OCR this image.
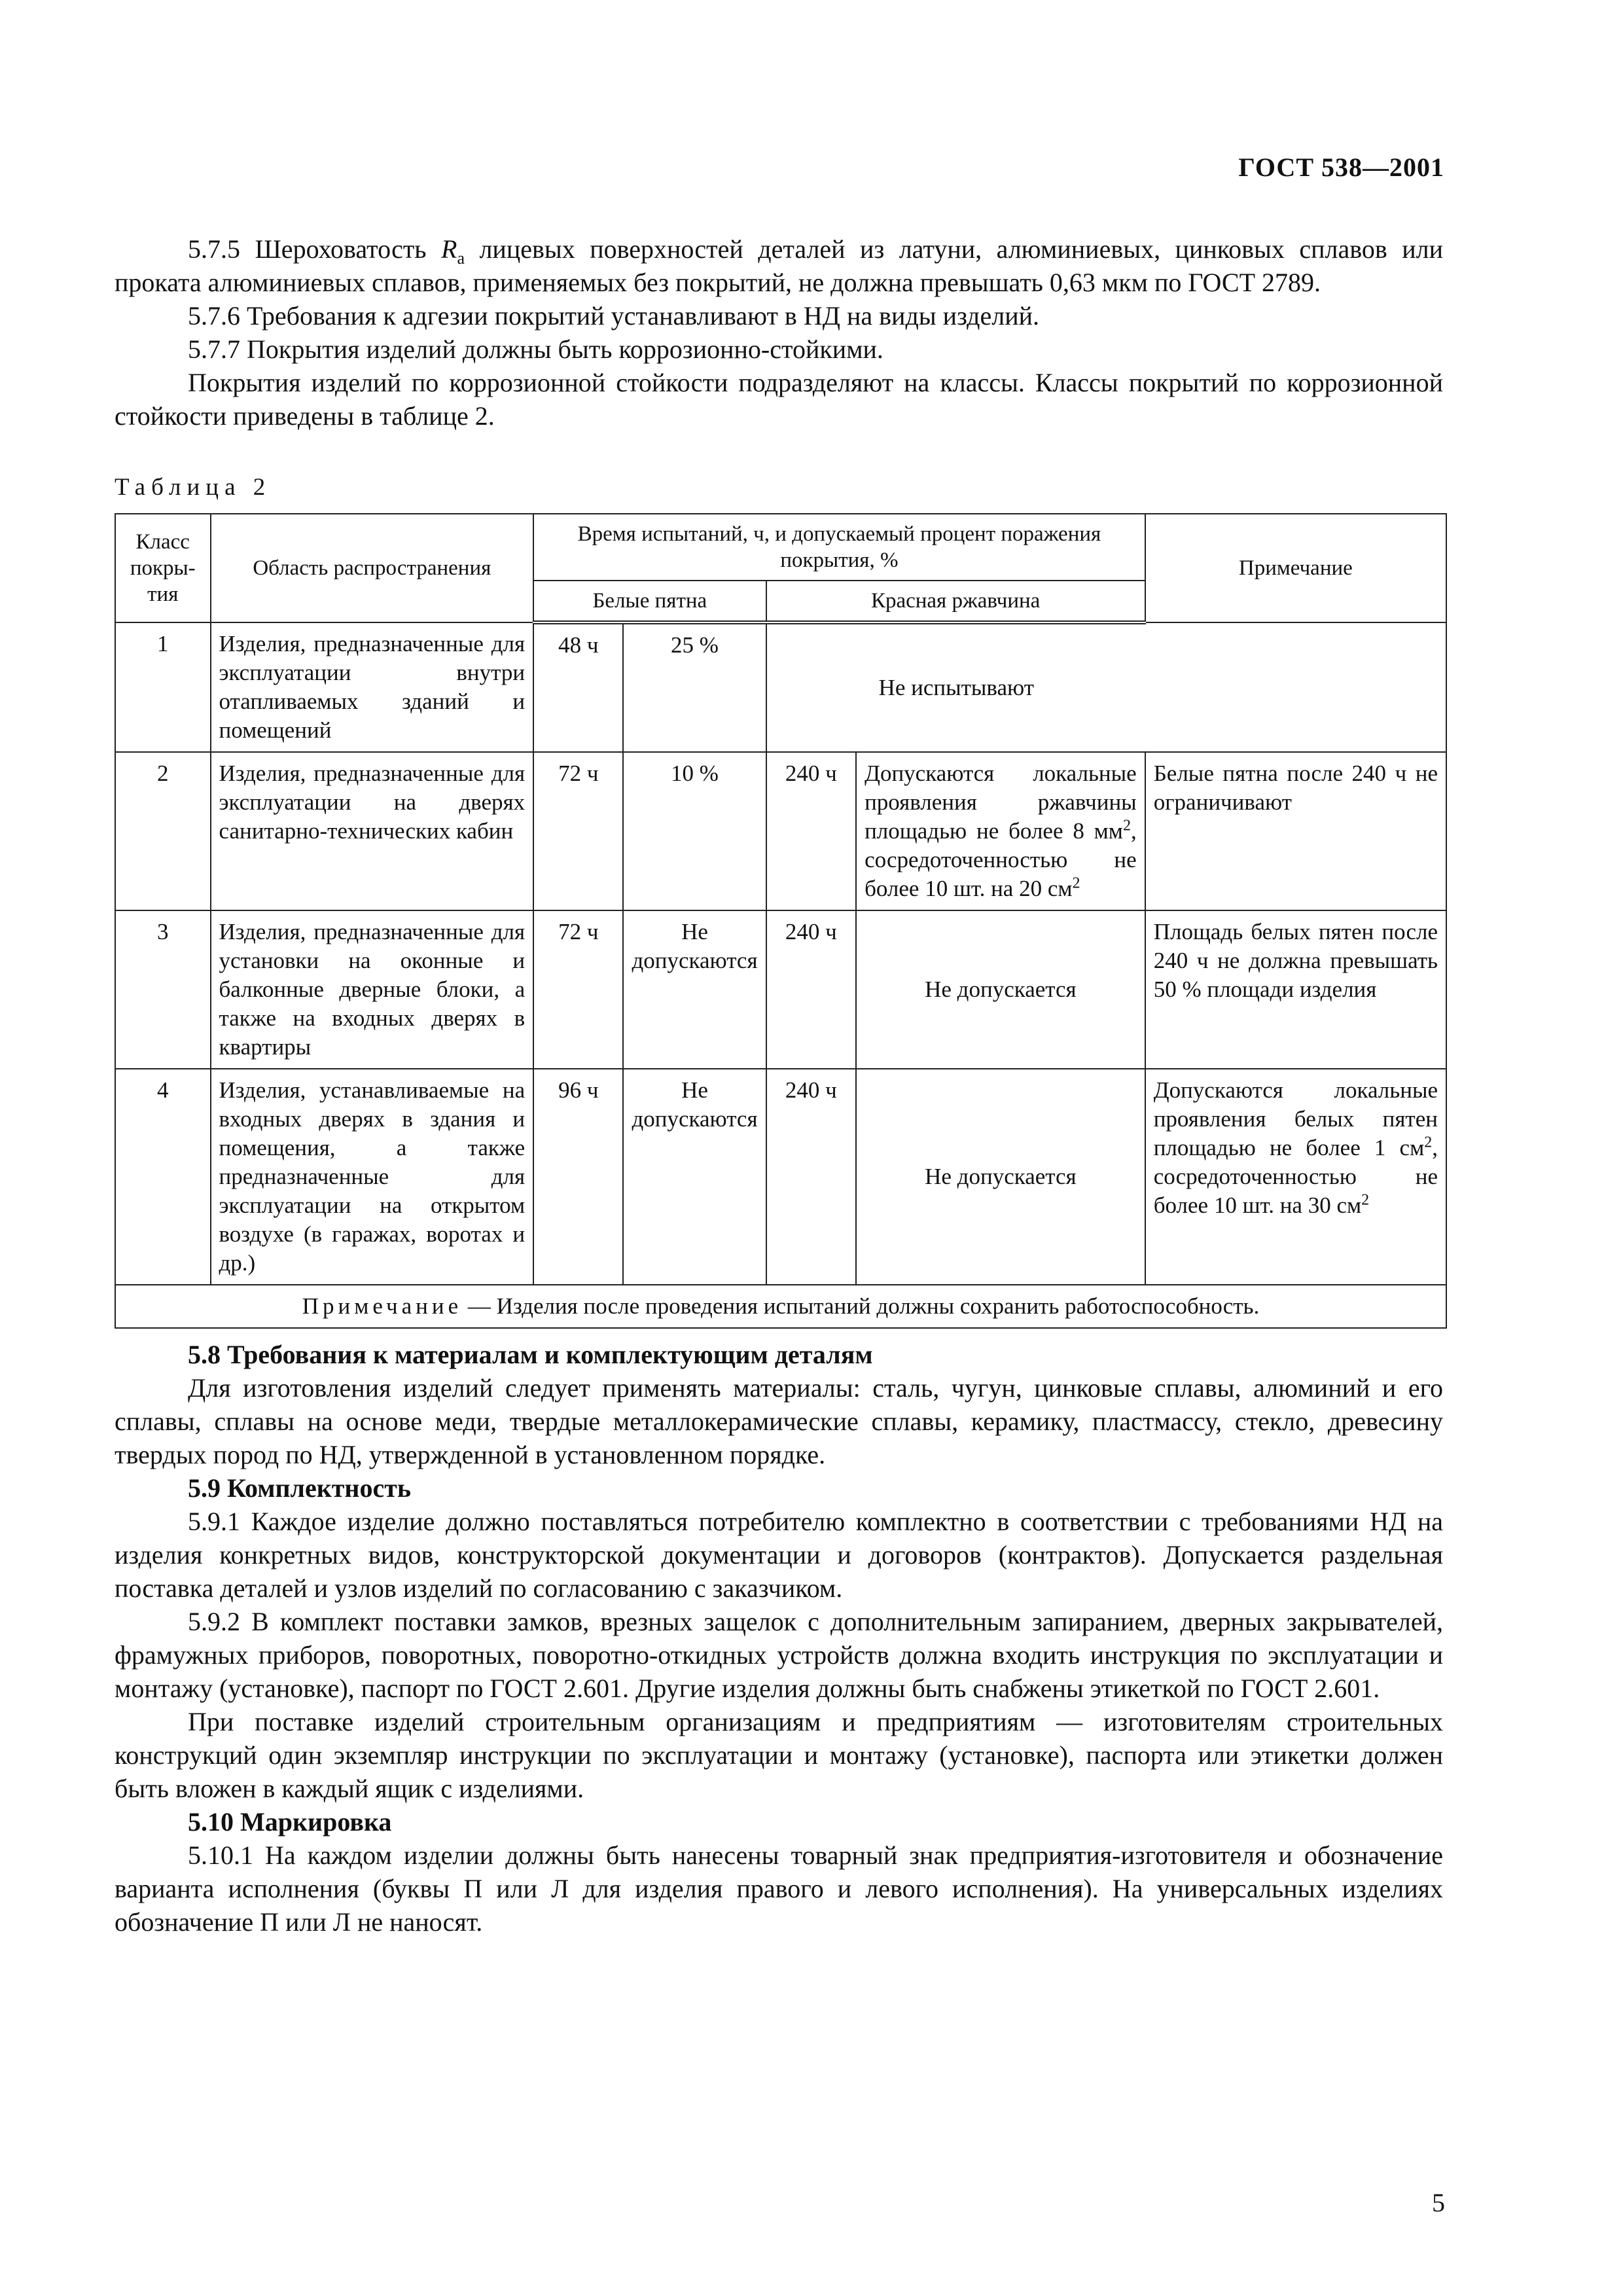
ГОСТ 538—2001

5.7.5 Шероховатость $R_a$ лицевых поверхностей деталей из латуни, алюминиевых, цинковых сплавов или проката алюминиевых сплавов, применяемых без покрытий, не должна превышать 0,63 мкм по ГОСТ 2789.

5.7.6 Требования к адгезии покрытий устанавливают в НД на виды изделий.

5.7.7 Покрытия изделий должны быть коррозионно-стойкими.

Покрытия изделий по коррозионной стойкости подразделяют на классы. Классы покрытий по коррозионной стойкости приведены в таблице 2.

Таблица 2
Класс покры-тия	Область распространения	Время испытаний, ч, и допускаемый процент поражения покрытия, %				Примечание
		Белые пятна		Красная ржавчина		
1	Изделия, предназначенные для эксплуатации внутри отапливаемых зданий и помещений	48 ч	25 %	Не испытывают		
2	Изделия, предназначенные для эксплуатации на дверях санитарно-технических кабин	72 ч	10 %	240 ч	Допускаются локальные проявления ржавчины площадью не более 8 $мм^2$, сосредоточенностью не более 10 шт. на 20 $см^2$	Белые пятна после 240 ч не ограничивают
3	Изделия, предназначенные для установки на оконные и балконные дверные блоки, а также на входных дверях в квартиры	72 ч	Не допускаются	240 ч	Не допускается	Площадь белых пятен после 240 ч не должна превышать 50 % площади изделия
4	Изделия, устанавливаемые на входных дверях в здания и помещения, а также предназначенные для эксплуатации на открытом воздухе (в гаражах, воротах и др.)	96 ч	Не допускаются	240 ч	Не допускается	Допускаются локальные проявления белых пятен площадью не более 1 $см^2$, сосредоточенностью не более 10 шт. на 30 $см^2$
Примечание — Изделия после проведения испытаний должны сохранить работоспособность.						
5.8 Требования к материалам и комплектующим деталям

Для изготовления изделий следует применять материалы: сталь, чугун, цинковые сплавы, алюминий и его сплавы, сплавы на основе меди, твердые металлокерамические сплавы, керамику, пластмассу, стекло, древесину твердых пород по НД, утвержденной в установленном порядке.

5.9 Комплектность

5.9.1 Каждое изделие должно поставляться потребителю комплектно в соответствии с требованиями НД на изделия конкретных видов, конструкторской документации и договоров (контрактов). Допускается раздельная поставка деталей и узлов изделий по согласованию с заказчиком.

5.9.2 В комплект поставки замков, врезных защелок с дополнительным запиранием, дверных закрывателей, фрамужных приборов, поворотных, поворотно-откидных устройств должна входить инструкция по эксплуатации и монтажу (установке), паспорт по ГОСТ 2.601. Другие изделия должны быть снабжены этикеткой по ГОСТ 2.601.

При поставке изделий строительным организациям и предприятиям — изготовителям строительных конструкций один экземпляр инструкции по эксплуатации и монтажу (установке), паспорта или этикетки должен быть вложен в каждый ящик с изделиями.

5.10 Маркировка

5.10.1 На каждом изделии должны быть нанесены товарный знак предприятия-изготовителя и обозначение варианта исполнения (буквы П или Л для изделия правого и левого исполнения). На универсальных изделиях обозначение П или Л не наносят.

5
